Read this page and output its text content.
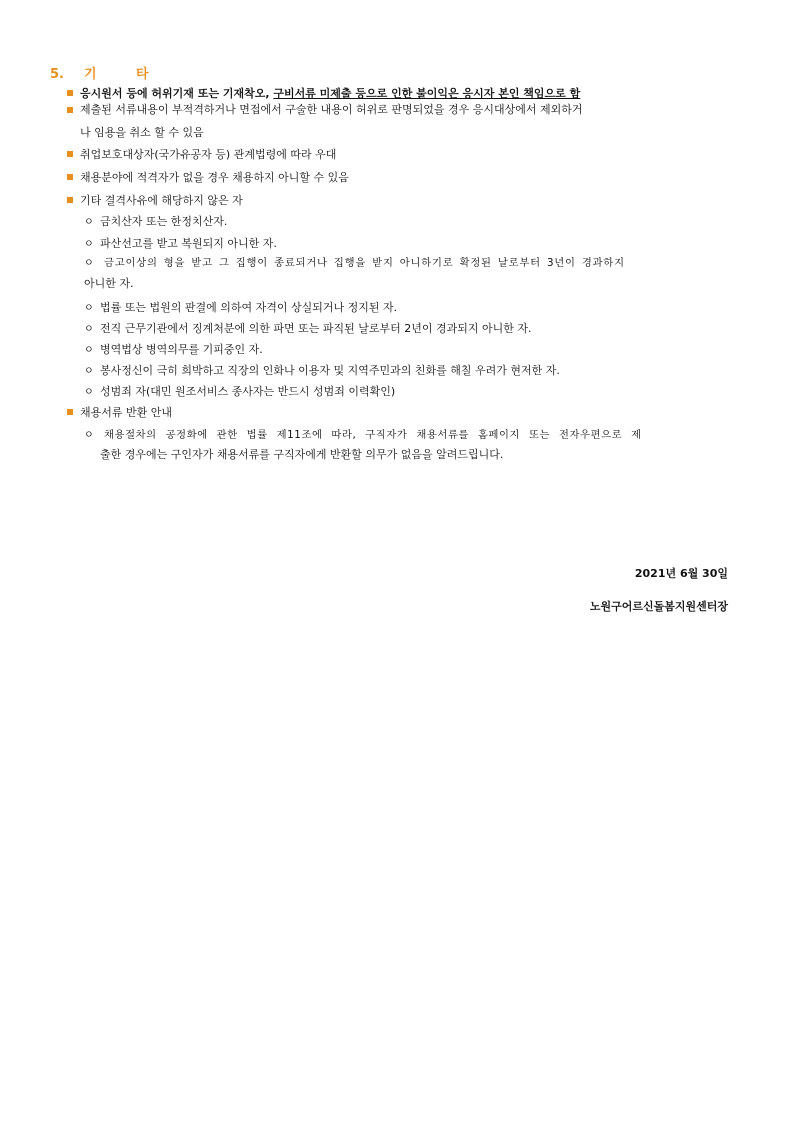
5. 기	타
응시원서 등에 허위기재 또는 기재착오, 구비서류 미제출 등으로 인한 불이익은 응시자 본인 책임으로 함
제출된 서류내용이 부적격하거나 면접에서 구술한 내용이 허위로 판명되었을 경우 응시대상에서 제외하거
나 임용을 취소 할 수 있음
취업보호대상자(국가유공자 등) 관계법령에 따라 우대
채용분야에 적격자가 없을 경우 채용하지 아니할 수 있음
기타 결격사유에 해당하지 않은 자
ㅇ 금치산자 또는 한정치산자.
ㅇ 파산선고를 받고 복원되지 아니한 자.
ㅇ 금고이상의 형을 받고 그 집행이 종료되거나 집행을 받지 아니하기로 확정된 날로부터 3년이 경과하지
아니한 자.
ㅇ 법률 또는 법원의 판결에 의하여 자격이 상실되거나 정지된 자.
ㅇ 전직 근무기관에서 징계처분에 의한 파면 또는 파직된 날로부터 2년이 경과되지 아니한 자.
ㅇ 병역법상 병역의무를 기피중인 자.
ㅇ 봉사정신이 극히 희박하고 직장의 인화나 이용자 및 지역주민과의 친화를 해칠 우려가 현저한 자.
ㅇ 성범죄 자(대민 원조서비스 종사자는 반드시 성범죄 이력확인)
채용서류 반환 안내
ㅇ 채용절차의 공정화에 관한 법률 제11조에 따라, 구직자가 채용서류를 홈페이지 또는 전자우편으로 제
출한 경우에는 구인자가 채용서류를 구직자에게 반환할 의무가 없음을 알려드립니다.
2021년 6월 30일
노원구어르신돌봄지원센터장
